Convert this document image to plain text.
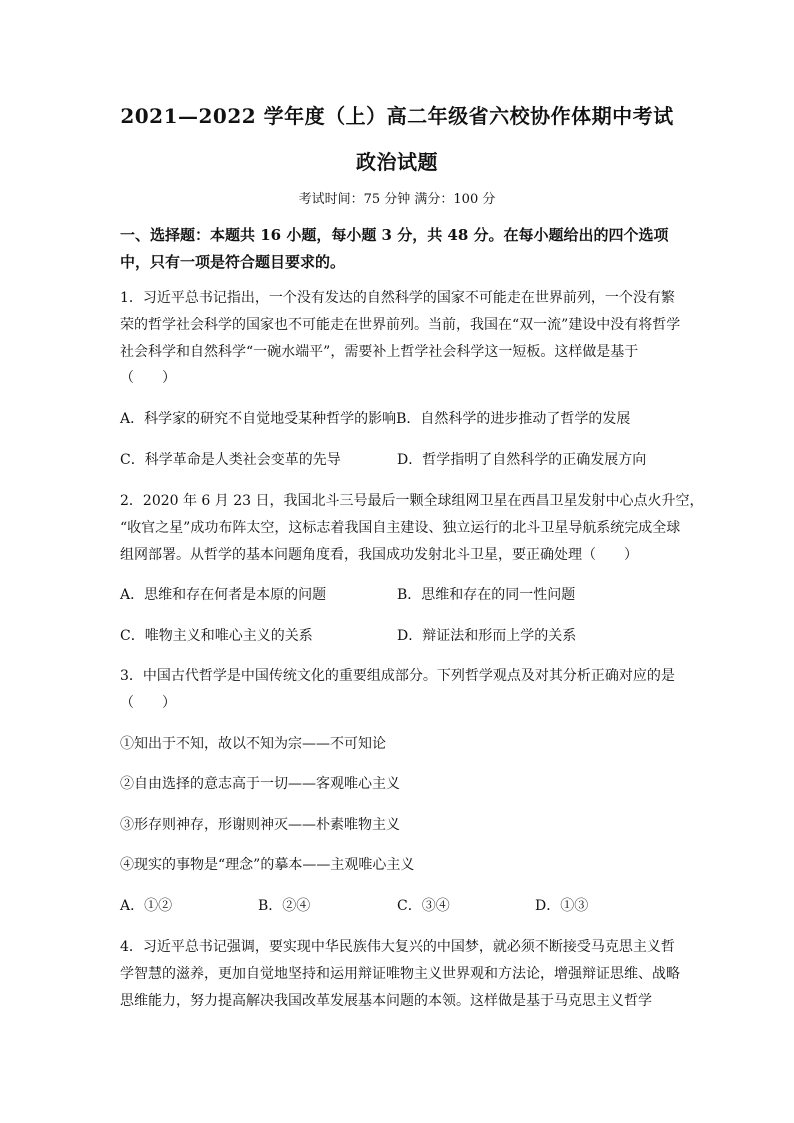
2021—2022 学年度（上）高二年级省六校协作体期中考试
政治试题
考试时间：75 分钟 满分：100 分
一、选择题：本题共 16 小题，每小题 3 分，共 48 分。在每小题给出的四个选项
中，只有一项是符合题目要求的。
1．习近平总书记指出，一个没有发达的自然科学的国家不可能走在世界前列，一个没有繁
荣的哲学社会科学的国家也不可能走在世界前列。当前，我国在“双一流”建设中没有将哲学
社会科学和自然科学“一碗水端平”，需要补上哲学社会科学这一短板。这样做是基于
（　　）
A．科学家的研究不自觉地受某种哲学的影响B．自然科学的进步推动了哲学的发展
C．科学革命是人类社会变革的先导	D．哲学指明了自然科学的正确发展方向
2．2020 年 6 月 23 日，我国北斗三号最后一颗全球组网卫星在西昌卫星发射中心点火升空，
“收官之星”成功布阵太空，这标志着我国自主建设、独立运行的北斗卫星导航系统完成全球
组网部署。从哲学的基本问题角度看，我国成功发射北斗卫星，要正确处理（　　）
A．思维和存在何者是本原的问题	B．思维和存在的同一性问题
C．唯物主义和唯心主义的关系	D．辩证法和形而上学的关系
3．中国古代哲学是中国传统文化的重要组成部分。下列哲学观点及对其分析正确对应的是
（　　）
①知出于不知，故以不知为宗——不可知论
②自由选择的意志高于一切——客观唯心主义
③形存则神存，形谢则神灭——朴素唯物主义
④现实的事物是“理念”的摹本——主观唯心主义
A．①②	B．②④	C．③④	D．①③
4．习近平总书记强调，要实现中华民族伟大复兴的中国梦，就必须不断接受马克思主义哲
学智慧的滋养，更加自觉地坚持和运用辩证唯物主义世界观和方法论，增强辩证思维、战略
思维能力，努力提高解决我国改革发展基本问题的本领。这样做是基于马克思主义哲学
